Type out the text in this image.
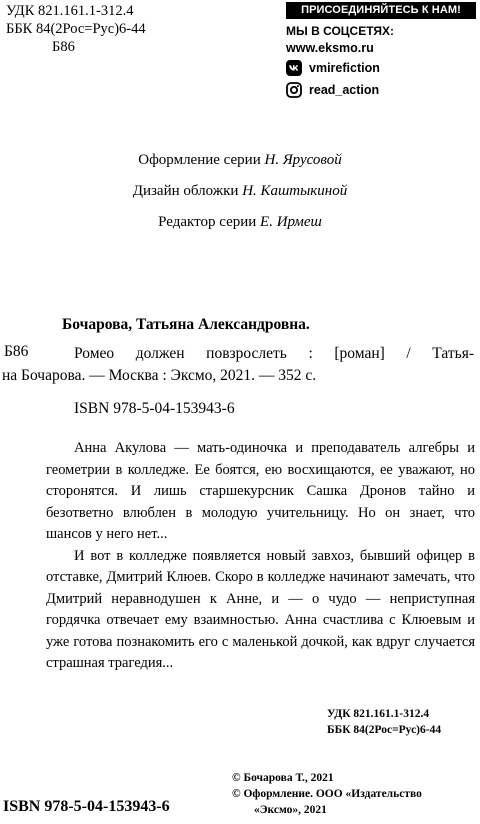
УДК 821.161.1-312.4
ББК 84(2Рос=Рус)6-44
Б86
ПРИСОЕДИНЯЙТЕСЬ К НАМ!
МЫ В СОЦСЕТЯХ:
www.eksmo.ru
vmirefiction
read_action
Оформление серии Н. Ярусовой
Дизайн обложки Н. Каштыкиной
Редактор серии Е. Ирмеш
Бочарова, Татьяна Александровна.
Б86	Ромео должен повзрослеть : [роман] / Татья-
на Бочарова. — Москва : Эксмо, 2021. — 352 с.
ISBN 978-5-04-153943-6

Анна Акулова — мать-одиночка и преподаватель алгебры и геометрии в колледже. Ее боятся, ею восхищаются, ее уважают, но сторонятся. И лишь старшекурсник Сашка Дронов тайно и безответно влюблен в молодую учительницу. Но он знает, что шансов у него нет...

И вот в колледже появляется новый завхоз, бывший офицер в отставке, Дмитрий Клюев. Скоро в колледже начинают замечать, что Дмитрий неравнодушен к Анне, и — о чудо — неприступная гордячка отвечает ему взаимностью. Анна счастлива с Клюевым и уже готова познакомить его с маленькой дочкой, как вдруг случается страшная трагедия...

УДК 821.161.1-312.4
ББК 84(2Рос=Рус)6-44
© Бочарова Т., 2021
© Оформление. ООО «Издательство
«Эксмо», 2021
ISBN 978-5-04-153943-6
